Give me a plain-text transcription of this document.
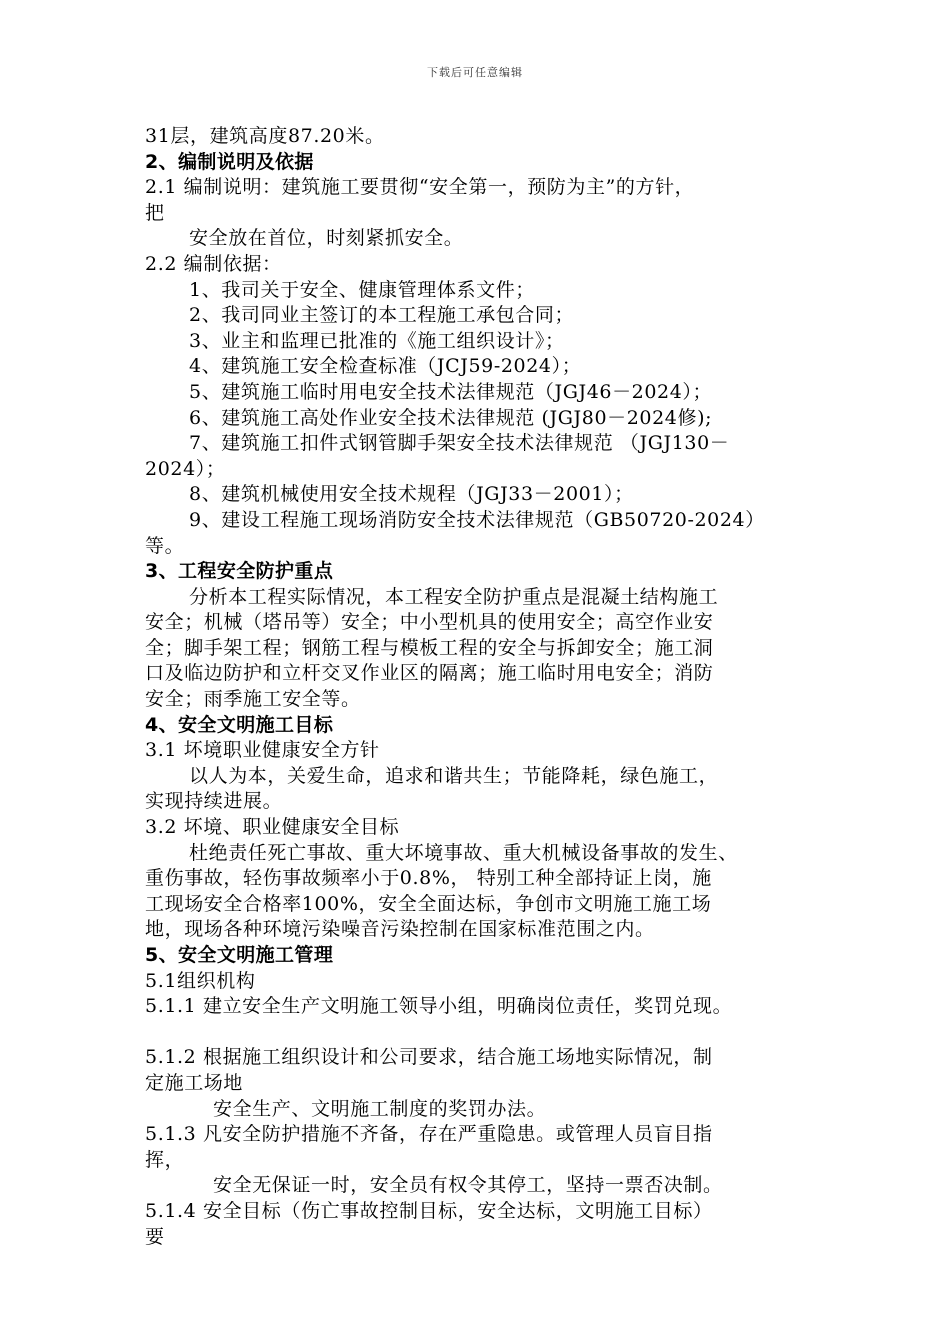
下载后可任意编辑
31层，建筑高度87.20米。
2、编制说明及依据
2.1 编制说明：建筑施工要贯彻“安全第一，预防为主”的方针，
把
安全放在首位，时刻紧抓安全。
2.2 编制依据：
1、我司关于安全、健康管理体系文件；
2、我司同业主签订的本工程施工承包合同；
3、业主和监理已批准的《施工组织设计》；
4、建筑施工安全检查标准（JCJ59-2024）；
5、建筑施工临时用电安全技术法律规范（JGJ46－2024）；
6、建筑施工高处作业安全技术法律规范 (JGJ80－2024修);
7、建筑施工扣件式钢管脚手架安全技术法律规范 （JGJ130－
2024）；
8、建筑机械使用安全技术规程（JGJ33－2001）；
9、建设工程施工现场消防安全技术法律规范（GB50720-2024）
等。
3、工程安全防护重点
分析本工程实际情况，本工程安全防护重点是混凝土结构施工
安全；机械（塔吊等）安全；中小型机具的使用安全；高空作业安
全；脚手架工程；钢筋工程与模板工程的安全与拆卸安全；施工洞
口及临边防护和立杆交叉作业区的隔离；施工临时用电安全；消防
安全；雨季施工安全等。
4、安全文明施工目标
3.1 坏境职业健康安全方针
以人为本，关爱生命，追求和谐共生；节能降耗，绿色施工，
实现持续进展。
3.2 坏境、职业健康安全目标
杜绝责任死亡事故、重大坏境事故、重大机械设备事故的发生、
重伤事故，轻伤事故频率小于0.8%， 特别工种全部持证上岗，施
工现场安全合格率100%，安全全面达标，争创市文明施工施工场
地，现场各种环境污染噪音污染控制在国家标准范围之内。
5、安全文明施工管理
5.1组织机构
5.1.1 建立安全生产文明施工领导小组，明确岗位责任，奖罚兑现。
5.1.2 根据施工组织设计和公司要求，结合施工场地实际情况，制
定施工场地
安全生产、文明施工制度的奖罚办法。
5.1.3 凡安全防护措施不齐备，存在严重隐患。或管理人员盲目指
挥，
安全无保证一时，安全员有权令其停工，坚持一票否决制。
5.1.4 安全目标（伤亡事故控制目标，安全达标，文明施工目标）
要
